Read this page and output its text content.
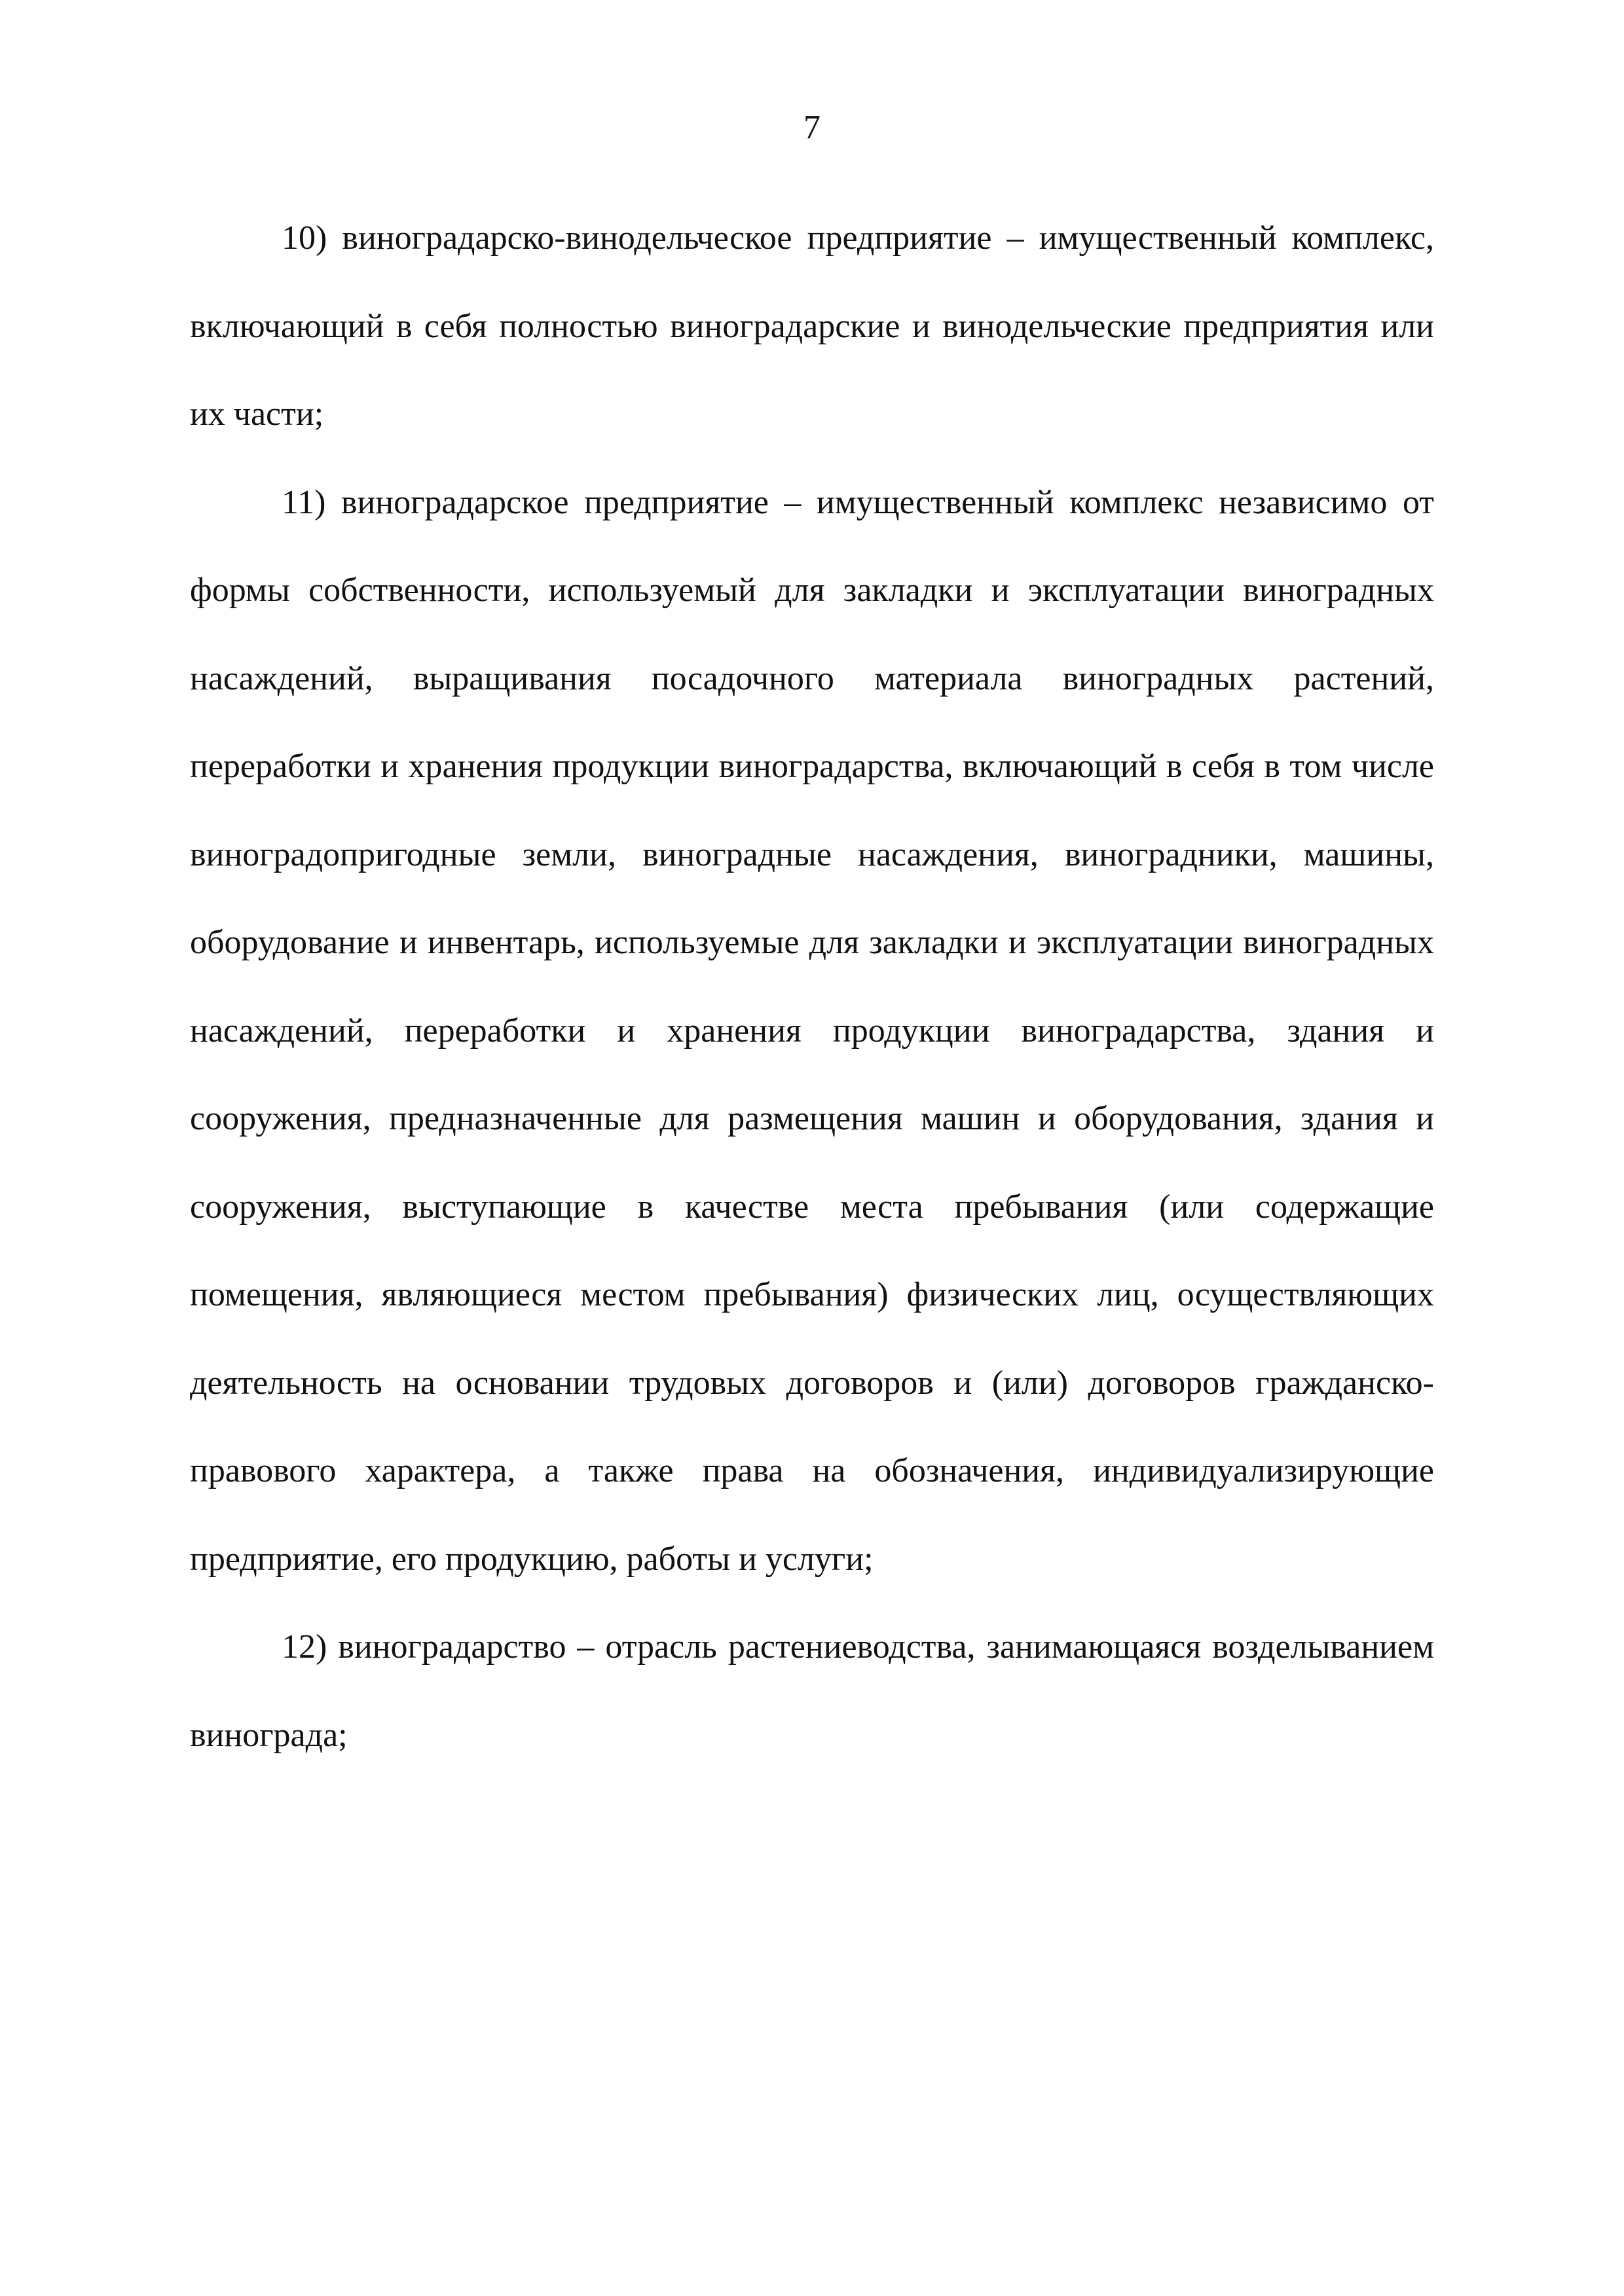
7

10) виноградарско-винодельческое предприятие – имущественный комплекс, включающий в себя полностью виноградарские и винодельческие предприятия или их части;

11) виноградарское предприятие – имущественный комплекс независимо от формы собственности, используемый для закладки и эксплуатации виноградных насаждений, выращивания посадочного материала виноградных растений, переработки и хранения продукции виноградарства, включающий в себя в том числе виноградопригодные земли, виноградные насаждения, виноградники, машины, оборудование и инвентарь, используемые для закладки и эксплуатации виноградных насаждений, переработки и хранения продукции виноградарства, здания и сооружения, предназначенные для размещения машин и оборудования, здания и сооружения, выступающие в качестве места пребывания (или содержащие помещения, являющиеся местом пребывания) физических лиц, осуществляющих деятельность на основании трудовых договоров и (или) договоров гражданско-правового характера, а также права на обозначения, индивидуализирующие предприятие, его продукцию, работы и услуги;

12) виноградарство – отрасль растениеводства, занимающаяся возделыванием винограда;
